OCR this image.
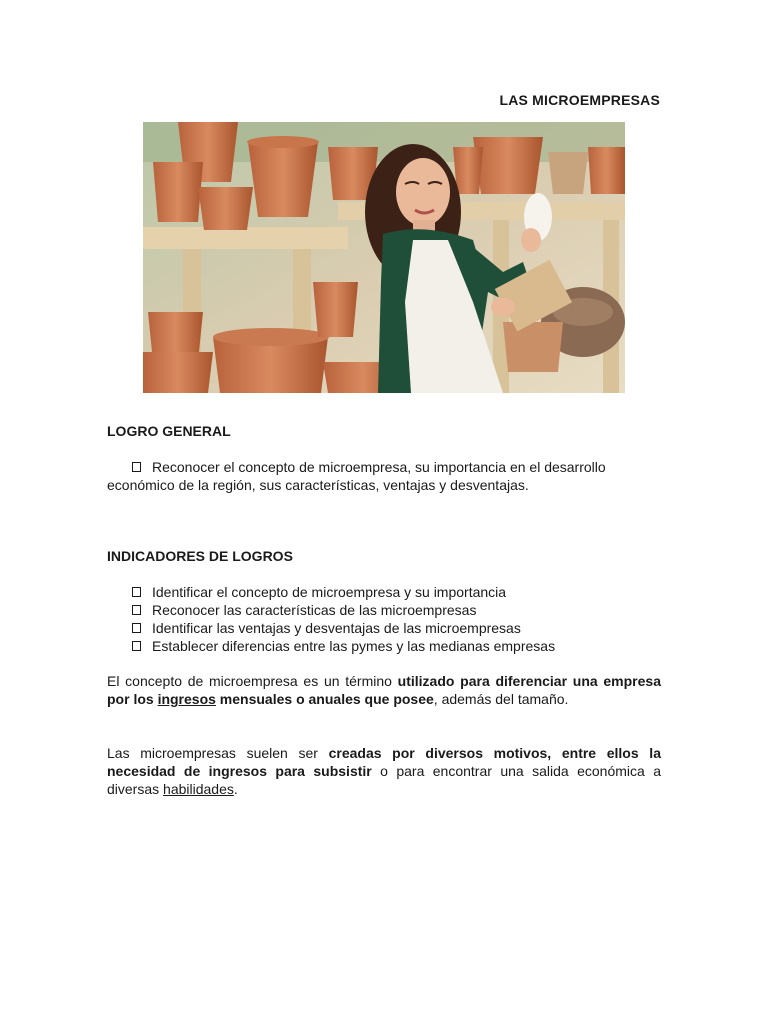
LAS MICROEMPRESAS
LOGRO GENERAL
Reconocer el concepto de microempresa, su importancia en el desarrollo
económico de la región, sus características, ventajas y desventajas.
INDICADORES DE LOGROS
Identificar el concepto de microempresa y su importancia
Reconocer las características de las microempresas
Identificar las ventajas y desventajas de las microempresas
Establecer diferencias entre las pymes y las medianas empresas
El concepto de microempresa es un término utilizado para diferenciar una empresa por los ingresos mensuales o anuales que posee, además del tamaño.
Las microempresas suelen ser creadas por diversos motivos, entre ellos la necesidad de ingresos para subsistir o para encontrar una salida económica a diversas habilidades.
